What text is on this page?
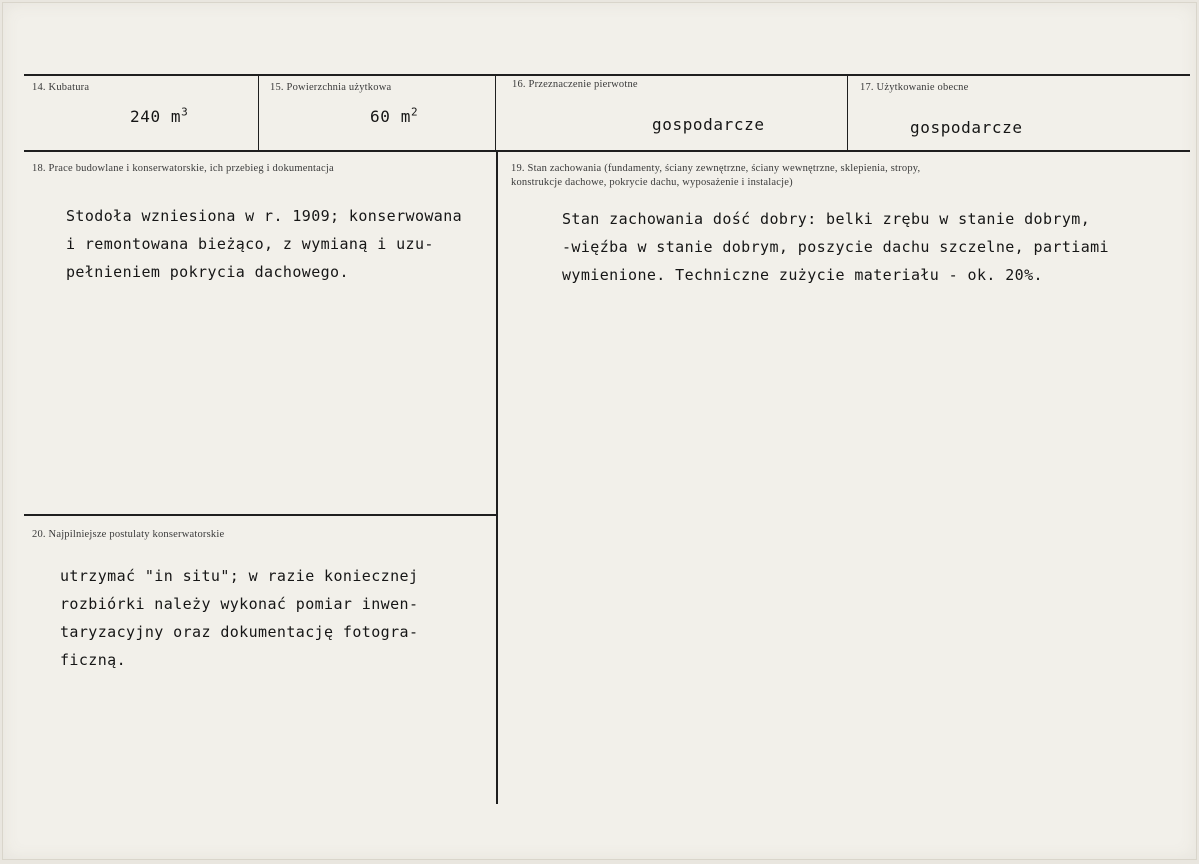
14. Kubatura
240 $m^3$
15. Powierzchnia użytkowa
60 $m^2$
16. Przeznaczenie pierwotne
gospodarcze
17. Użytkowanie obecne
gospodarcze
18. Prace budowlane i konserwatorskie, ich przebieg i dokumentacja
Stodoła wzniesiona w r. 1909; konserwowana
i remontowana bieżąco, z wymianą i uzu-
pełnieniem pokrycia dachowego.
19. Stan zachowania (fundamenty, ściany zewnętrzne, ściany wewnętrzne, sklepienia, stropy,
konstrukcje dachowe, pokrycie dachu, wyposażenie i instalacje)
Stan zachowania dość dobry: belki zrębu w stanie dobrym,
-więźba w stanie dobrym, poszycie dachu szczelne, partiami
wymienione. Techniczne zużycie materiału - ok. 20%.
20. Najpilniejsze postulaty konserwatorskie
utrzymać "in situ"; w razie koniecznej
rozbiórki należy wykonać pomiar inwen-
taryzacyjny oraz dokumentację fotogra-
ficzną.
